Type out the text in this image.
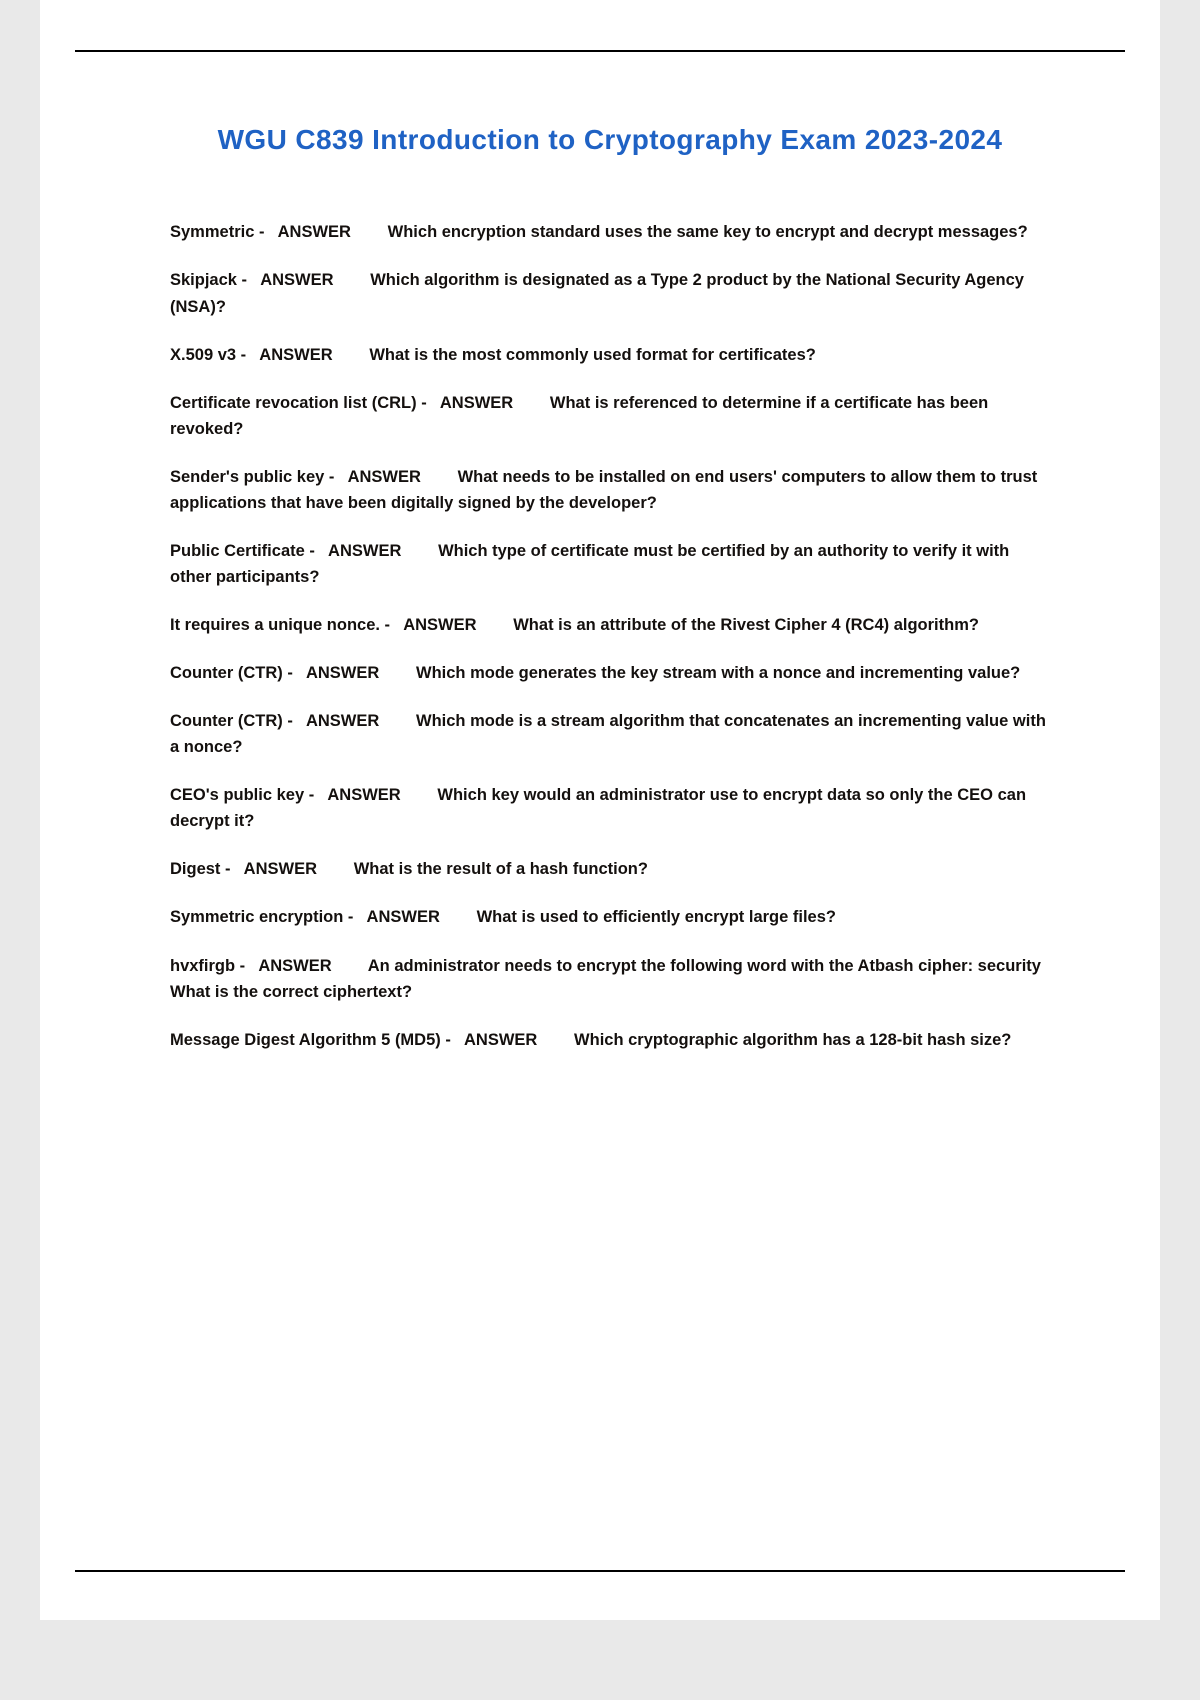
WGU C839 Introduction to Cryptography Exam 2023-2024
Symmetric -   ANSWER Which encryption standard uses the same key to encrypt and decrypt messages?
Skipjack -   ANSWER Which algorithm is designated as a Type 2 product by the National Security Agency (NSA)?
X.509 v3 -   ANSWER What is the most commonly used format for certificates?
Certificate revocation list (CRL) -   ANSWER What is referenced to determine if a certificate has been revoked?
Sender's public key -   ANSWER What needs to be installed on end users' computers to allow them to trust applications that have been digitally signed by the developer?
Public Certificate -   ANSWER Which type of certificate must be certified by an authority to verify it with other participants?
It requires a unique nonce. -   ANSWER What is an attribute of the Rivest Cipher 4 (RC4) algorithm?
Counter (CTR) -   ANSWER Which mode generates the key stream with a nonce and incrementing value?
Counter (CTR) -   ANSWER Which mode is a stream algorithm that concatenates an incrementing value with a nonce?
CEO's public key -   ANSWER Which key would an administrator use to encrypt data so only the CEO can decrypt it?
Digest -   ANSWER What is the result of a hash function?
Symmetric encryption -   ANSWER What is used to efficiently encrypt large files?
hvxfirgb -   ANSWER An administrator needs to encrypt the following word with the Atbash cipher: security What is the correct ciphertext?
Message Digest Algorithm 5 (MD5) -   ANSWER Which cryptographic algorithm has a 128-bit hash size?
